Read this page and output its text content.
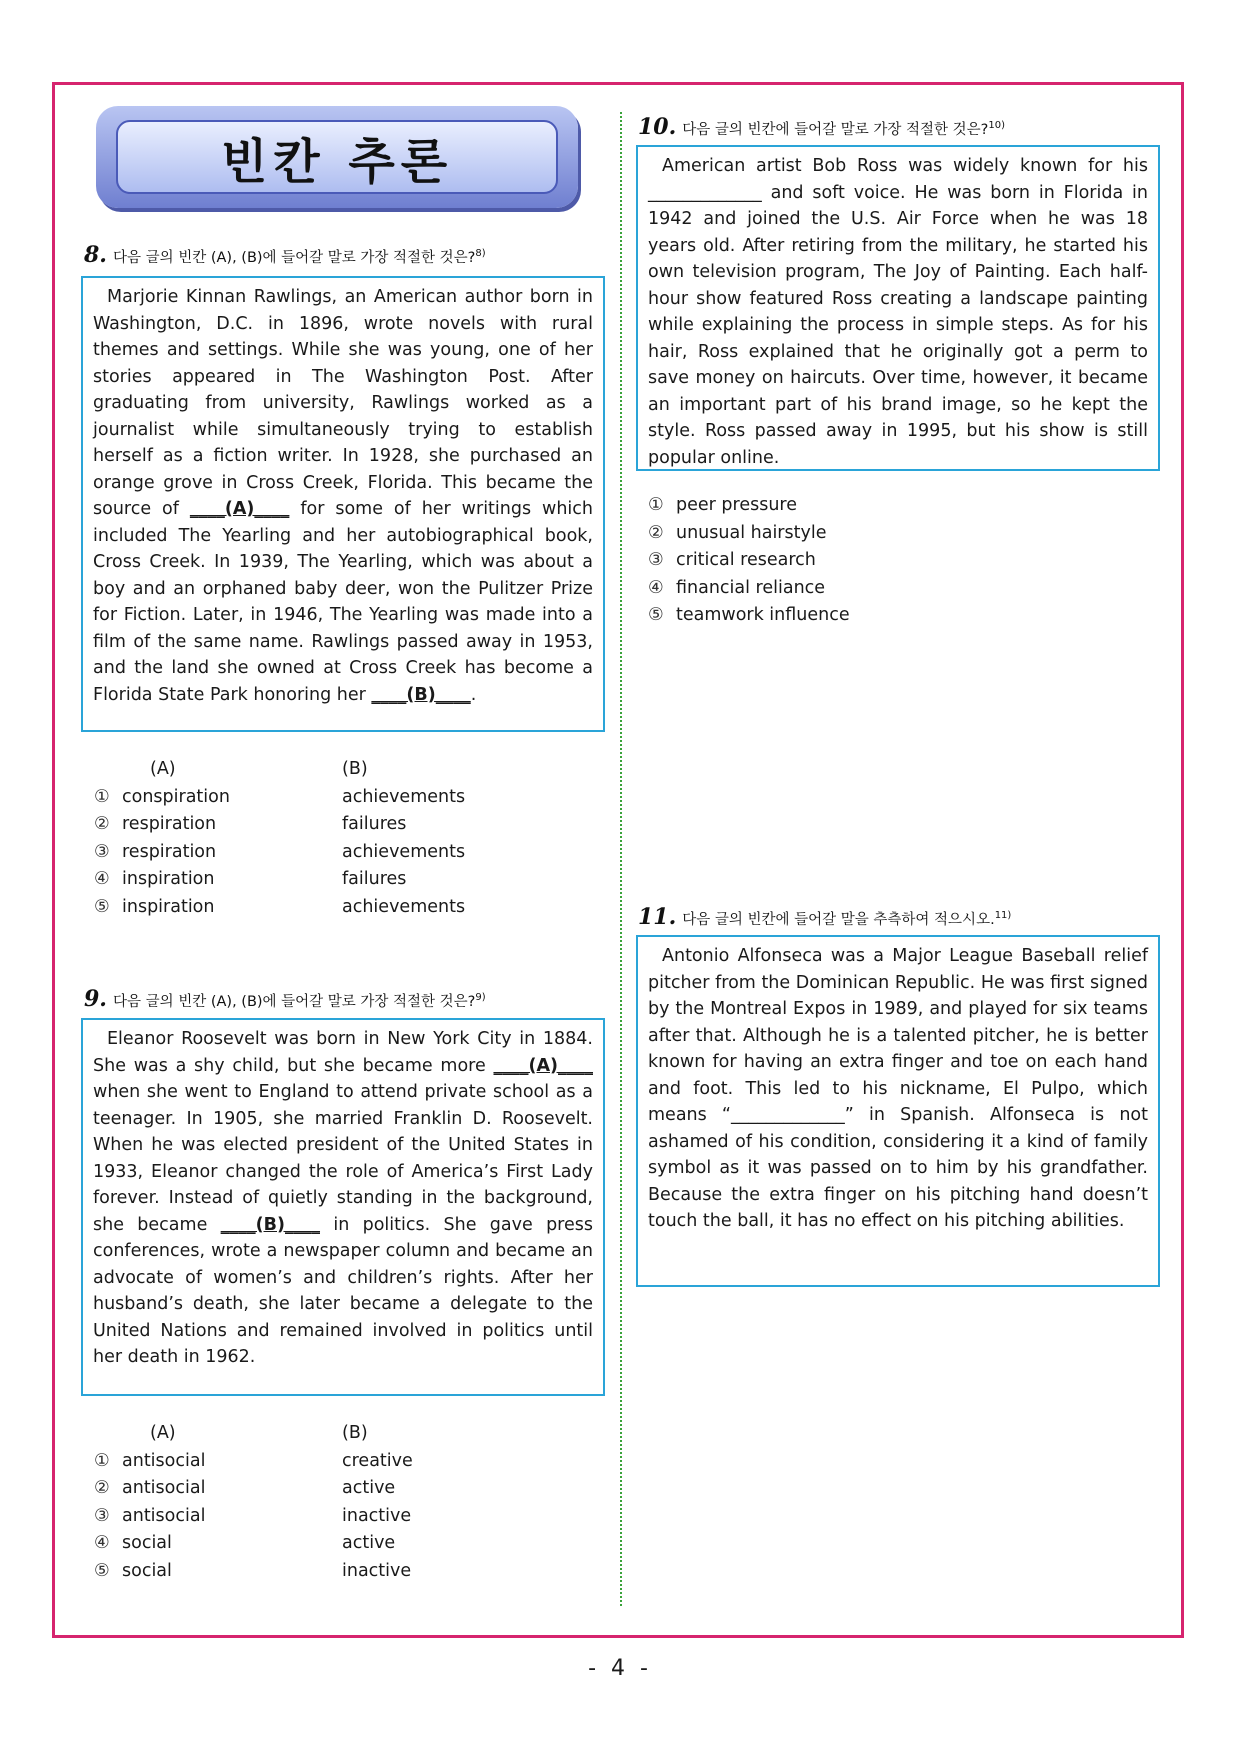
빈칸 추론
8. 다음 글의 빈칸 (A), (B)에 들어갈 말로 가장 적절한 것은?$^{8)}$

Marjorie Kinnan Rawlings, an American author born in Washington, D.C. in 1896, wrote novels with rural themes and settings. While she was young, one of her stories appeared in The Washington Post. After graduating from university, Rawlings worked as a journalist while simultaneously trying to establish herself as a fiction writer. In 1928, she purchased an orange grove in Cross Creek, Florida. This became the source of ____(A)____ for some of her writings which included The Yearling and her autobiographical book, Cross Creek. In 1939, The Yearling, which was about a boy and an orphaned baby deer, won the Pulitzer Prize for Fiction. Later, in 1946, The Yearling was made into a film of the same name. Rawlings passed away in 1953, and the land she owned at Cross Creek has become a Florida State Park honoring her ____(B)____.

(A)	(B)
① conspiration	achievements
② respiration	failures
③ respiration	achievements
④ inspiration	failures
⑤ inspiration	achievements
9. 다음 글의 빈칸 (A), (B)에 들어갈 말로 가장 적절한 것은?$^{9)}$

Eleanor Roosevelt was born in New York City in 1884. She was a shy child, but she became more ____(A)____ when she went to England to attend private school as a teenager. In 1905, she married Franklin D. Roosevelt. When he was elected president of the United States in 1933, Eleanor changed the role of America’s First Lady forever. Instead of quietly standing in the background, she became ____(B)____ in politics. She gave press conferences, wrote a newspaper column and became an advocate of women’s and children’s rights. After her husband’s death, she later became a delegate to the United Nations and remained involved in politics until her death in 1962.

(A)	(B)
① antisocial	creative
② antisocial	active
③ antisocial	inactive
④ social	active
⑤ social	inactive
10. 다음 글의 빈칸에 들어갈 말로 가장 적절한 것은?$^{10)}$

American artist Bob Ross was widely known for his _____________ and soft voice. He was born in Florida in 1942 and joined the U.S. Air Force when he was 18 years old. After retiring from the military, he started his own television program, The Joy of Painting. Each half-hour show featured Ross creating a landscape painting while explaining the process in simple steps. As for his hair, Ross explained that he originally got a perm to save money on haircuts. Over time, however, it became an important part of his brand image, so he kept the style. Ross passed away in 1995, but his show is still popular online.

① peer pressure
② unusual hairstyle
③ critical research
④ financial reliance
⑤ teamwork influence
11. 다음 글의 빈칸에 들어갈 말을 추측하여 적으시오.$^{11)}$

Antonio Alfonseca was a Major League Baseball relief pitcher from the Dominican Republic. He was first signed by the Montreal Expos in 1989, and played for six teams after that. Although he is a talented pitcher, he is better known for having an extra finger and toe on each hand and foot. This led to his nickname, El Pulpo, which means “_____________” in Spanish. Alfonseca is not ashamed of his condition, considering it a kind of family symbol as it was passed on to him by his grandfather. Because the extra finger on his pitching hand doesn’t touch the ball, it has no effect on his pitching abilities.

- 4 -
